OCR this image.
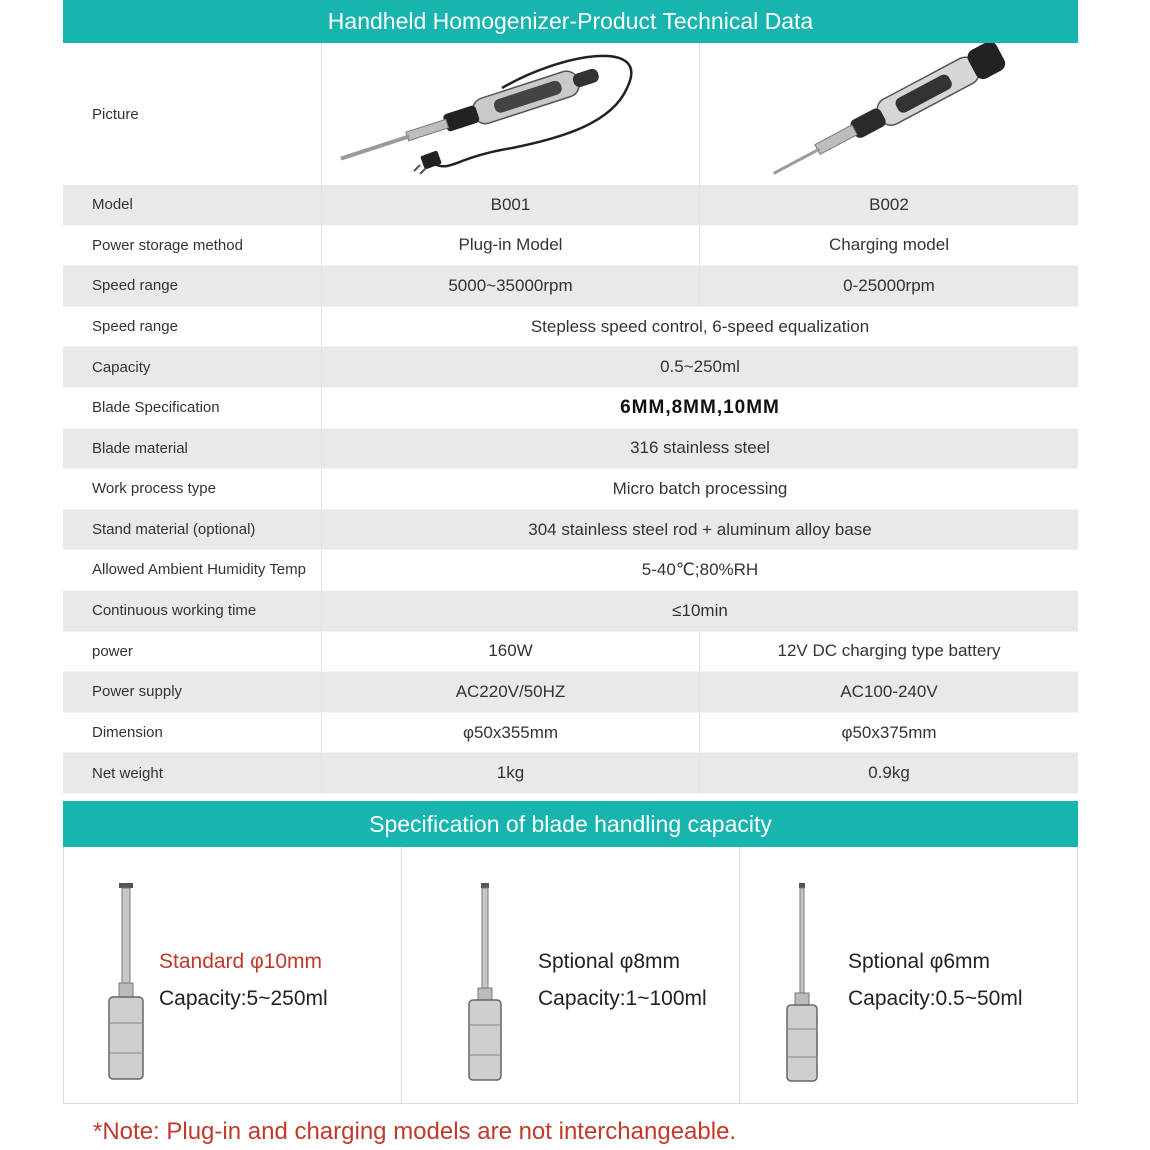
Handheld Homogenizer-Product Technical Data
Picture		
Model	B001	B002
Power storage method	Plug-in Model	Charging model
Speed range	5000~35000rpm	0-25000rpm
Speed range	Stepless speed control, 6-speed equalization	
Capacity	0.5~250ml	
Blade Specification	6MM,8MM,10MM	
Blade material	316 stainless steel	
Work process type	Micro batch processing	
Stand material (optional)	304 stainless steel rod + aluminum alloy base	
Allowed Ambient Humidity Temp	5-40℃;80%RH	
Continuous working time	≤10min	
power	160W	12V DC charging type battery
Power supply	AC220V/50HZ	AC100-240V
Dimension	φ50x355mm	φ50x375mm
Net weight	1kg	0.9kg
Specification of blade handling capacity
Standard φ10mm
Capacity:5~250ml
Sptional φ8mm
Capacity:1~100ml
Sptional φ6mm
Capacity:0.5~50ml
*Note: Plug-in and charging models are not interchangeable.
